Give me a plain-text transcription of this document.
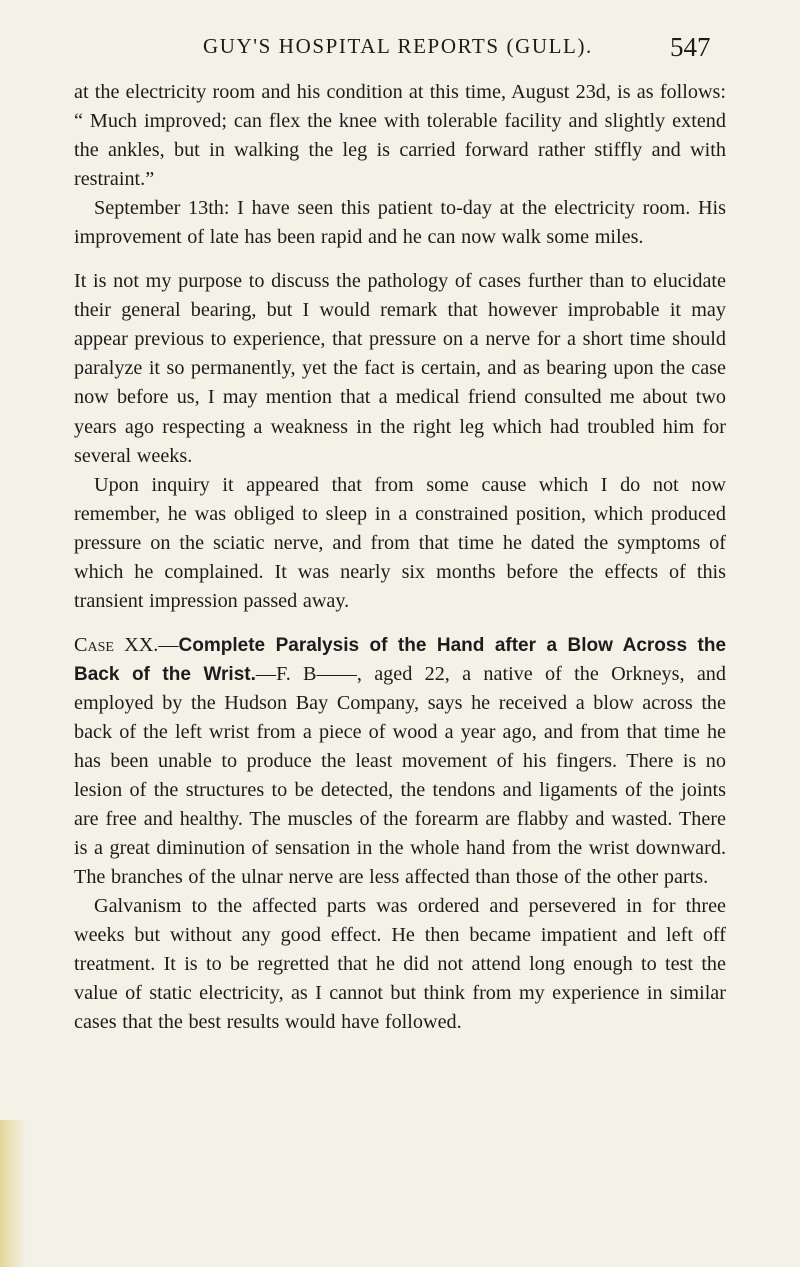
GUY'S HOSPITAL REPORTS (GULL).	547

at the electricity room and his condition at this time, August 23d, is as follows: “ Much improved; can flex the knee with tolerable facility and slightly extend the ankles, but in walking the leg is carried forward rather stiffly and with restraint.”

September 13th: I have seen this patient to-day at the electricity room. His improvement of late has been rapid and he can now walk some miles.

It is not my purpose to discuss the pathology of cases further than to elucidate their general bearing, but I would remark that however improbable it may appear previous to experience, that pressure on a nerve for a short time should paralyze it so permanently, yet the fact is certain, and as bearing upon the case now before us, I may mention that a medical friend consulted me about two years ago respecting a weakness in the right leg which had troubled him for several weeks.

Upon inquiry it appeared that from some cause which I do not now remember, he was obliged to sleep in a constrained position, which produced pressure on the sciatic nerve, and from that time he dated the symptoms of which he complained. It was nearly six months before the effects of this transient impression passed away.

Case XX.—Complete Paralysis of the Hand after a Blow Across the Back of the Wrist.—F. B——, aged 22, a native of the Orkneys, and employed by the Hudson Bay Company, says he received a blow across the back of the left wrist from a piece of wood a year ago, and from that time he has been unable to produce the least movement of his fingers. There is no lesion of the structures to be detected, the tendons and ligaments of the joints are free and healthy. The muscles of the forearm are flabby and wasted. There is a great diminution of sensation in the whole hand from the wrist downward. The branches of the ulnar nerve are less affected than those of the other parts.

Galvanism to the affected parts was ordered and persevered in for three weeks but without any good effect. He then became impatient and left off treatment. It is to be regretted that he did not attend long enough to test the value of static electricity, as I cannot but think from my experience in similar cases that the best results would have followed.
